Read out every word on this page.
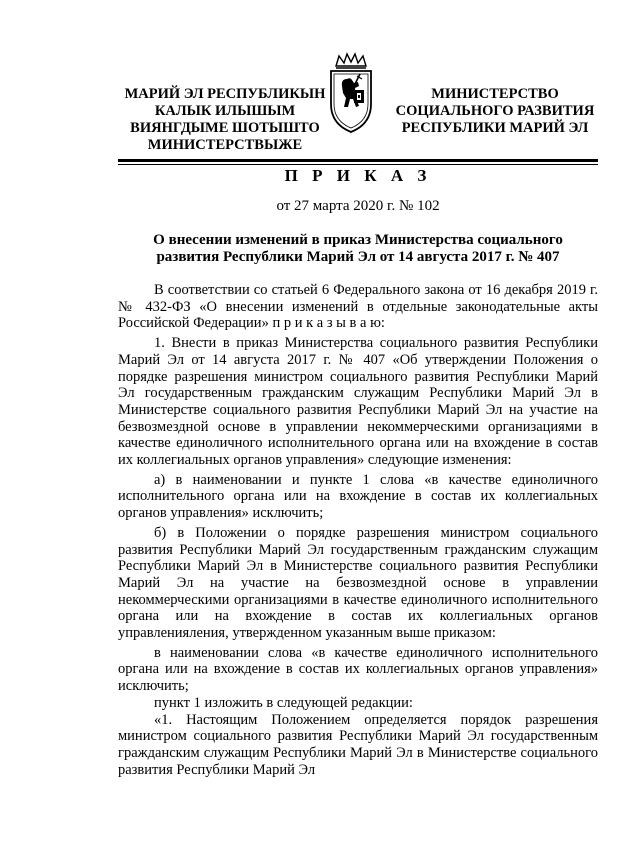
МАРИЙ ЭЛ РЕСПУБЛИКЫН
КАЛЫК ИЛЫШЫМ
ВИЯНГДЫМЕ ШОТЫШТО
МИНИСТЕРСТВЫЖЕ
МИНИСТЕРСТВО
СОЦИАЛЬНОГО РАЗВИТИЯ
РЕСПУБЛИКИ МАРИЙ ЭЛ
П Р И К А З
от 27 марта 2020 г. № 102
О внесении изменений в приказ Министерства социального
развития Республики Марий Эл от 14 августа 2017 г. № 407

В соответствии со статьей 6 Федерального закона от 16 декабря 2019 г. № 432-ФЗ «О внесении изменений в отдельные законодательные акты Российской Федерации» п р и к а з ы в а ю:

1. Внести в приказ Министерства социального развития Республики Марий Эл от 14 августа 2017 г. № 407 «Об утверждении Положения о порядке разрешения министром социального развития Республики Марий Эл государственным гражданским служащим Республики Марий Эл в Министерстве социального развития Республики Марий Эл на участие на безвозмездной основе в управлении некоммерческими организациями в качестве единоличного исполнительного органа или на вхождение в состав их коллегиальных органов управления» следующие изменения:

а) в наименовании и пункте 1 слова «в качестве единоличного исполнительного органа или на вхождение в состав их коллегиальных органов управления» исключить;

б) в Положении о порядке разрешения министром социального развития Республики Марий Эл государственным гражданским служащим Республики Марий Эл в Министерстве социального развития Республики Марий Эл на участие на безвозмездной основе в управлении некоммерческими организациями в качестве единоличного исполнительного органа или на вхождение в состав их коллегиальных органов управленияления, утвержденном указанным выше приказом:

в наименовании слова «в качестве единоличного исполнительного органа или на вхождение в состав их коллегиальных органов управления» исключить;

пункт 1 изложить в следующей редакции:

«1. Настоящим Положением определяется порядок разрешения министром социального развития Республики Марий Эл государственным гражданским служащим Республики Марий Эл в Министерстве социального развития Республики Марий Эл
